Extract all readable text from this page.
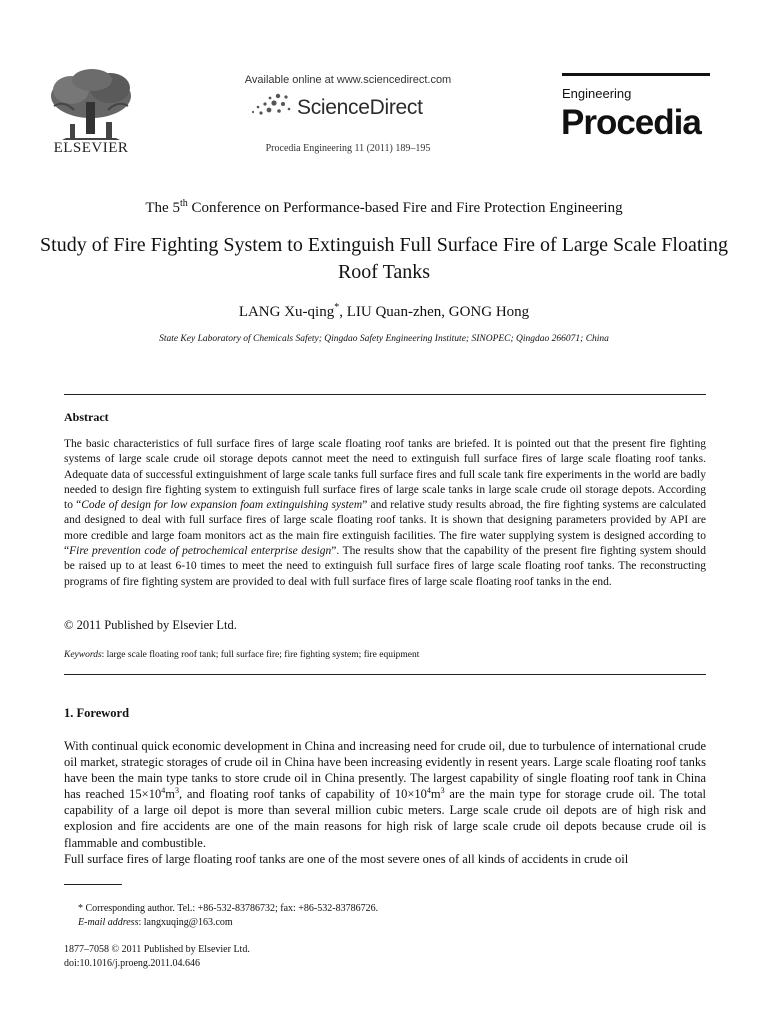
ELSEVIER
Available online at www.sciencedirect.com
ScienceDirect
Procedia Engineering 11 (2011) 189–195
Engineering
Procedia
The 5th Conference on Performance-based Fire and Fire Protection Engineering
Study of Fire Fighting System to Extinguish Full Surface Fire of Large Scale Floating Roof Tanks
LANG Xu-qing*, LIU Quan-zhen, GONG Hong
State Key Laboratory of Chemicals Safety; Qingdao Safety Engineering Institute; SINOPEC; Qingdao 266071; China
Abstract
The basic characteristics of full surface fires of large scale floating roof tanks are briefed. It is pointed out that the present fire fighting systems of large scale crude oil storage depots cannot meet the need to extinguish full surface fires of large scale floating roof tanks. Adequate data of successful extinguishment of large scale tanks full surface fires and full scale tank fire experiments in the world are badly needed to design fire fighting system to extinguish full surface fires of large scale tanks in large scale crude oil storage depots. According to “Code of design for low expansion foam extinguishing system” and relative study results abroad, the fire fighting systems are calculated and designed to deal with full surface fires of large scale floating roof tanks. It is shown that designing parameters provided by API are more credible and large foam monitors act as the main fire extinguish facilities. The fire water supplying system is designed according to “Fire prevention code of petrochemical enterprise design”. The results show that the capability of the present fire fighting system should be raised up to at least 6-10 times to meet the need to extinguish full surface fires of large scale floating roof tanks. The reconstructing programs of fire fighting system are provided to deal with full surface fires of large scale floating roof tanks in the end.
© 2011 Published by Elsevier Ltd.
Keywords: large scale floating roof tank; full surface fire; fire fighting system; fire equipment
1. Foreword

With continual quick economic development in China and increasing need for crude oil, due to turbulence of international crude oil market, strategic storages of crude oil in China have been increasing evidently in resent years. Large scale floating roof tanks have been the main type tanks to store crude oil in China presently. The largest capability of single floating roof tank in China has reached $15\times 10^4m^3$, and floating roof tanks of capability of $10\times 10^4m^3$ are the main type for storage crude oil. The total capability of a large oil depot is more than several million cubic meters. Large scale crude oil depots are of high risk and explosion and fire accidents are one of the main reasons for high risk of large scale crude oil depots because crude oil is flammable and combustible.

Full surface fires of large floating roof tanks are one of the most severe ones of all kinds of accidents in crude oil

* Corresponding author. Tel.: +86-532-83786732; fax: +86-532-83786726.
E-mail address: langxuqing@163.com
1877–7058 © 2011 Published by Elsevier Ltd.
doi:10.1016/j.proeng.2011.04.646
